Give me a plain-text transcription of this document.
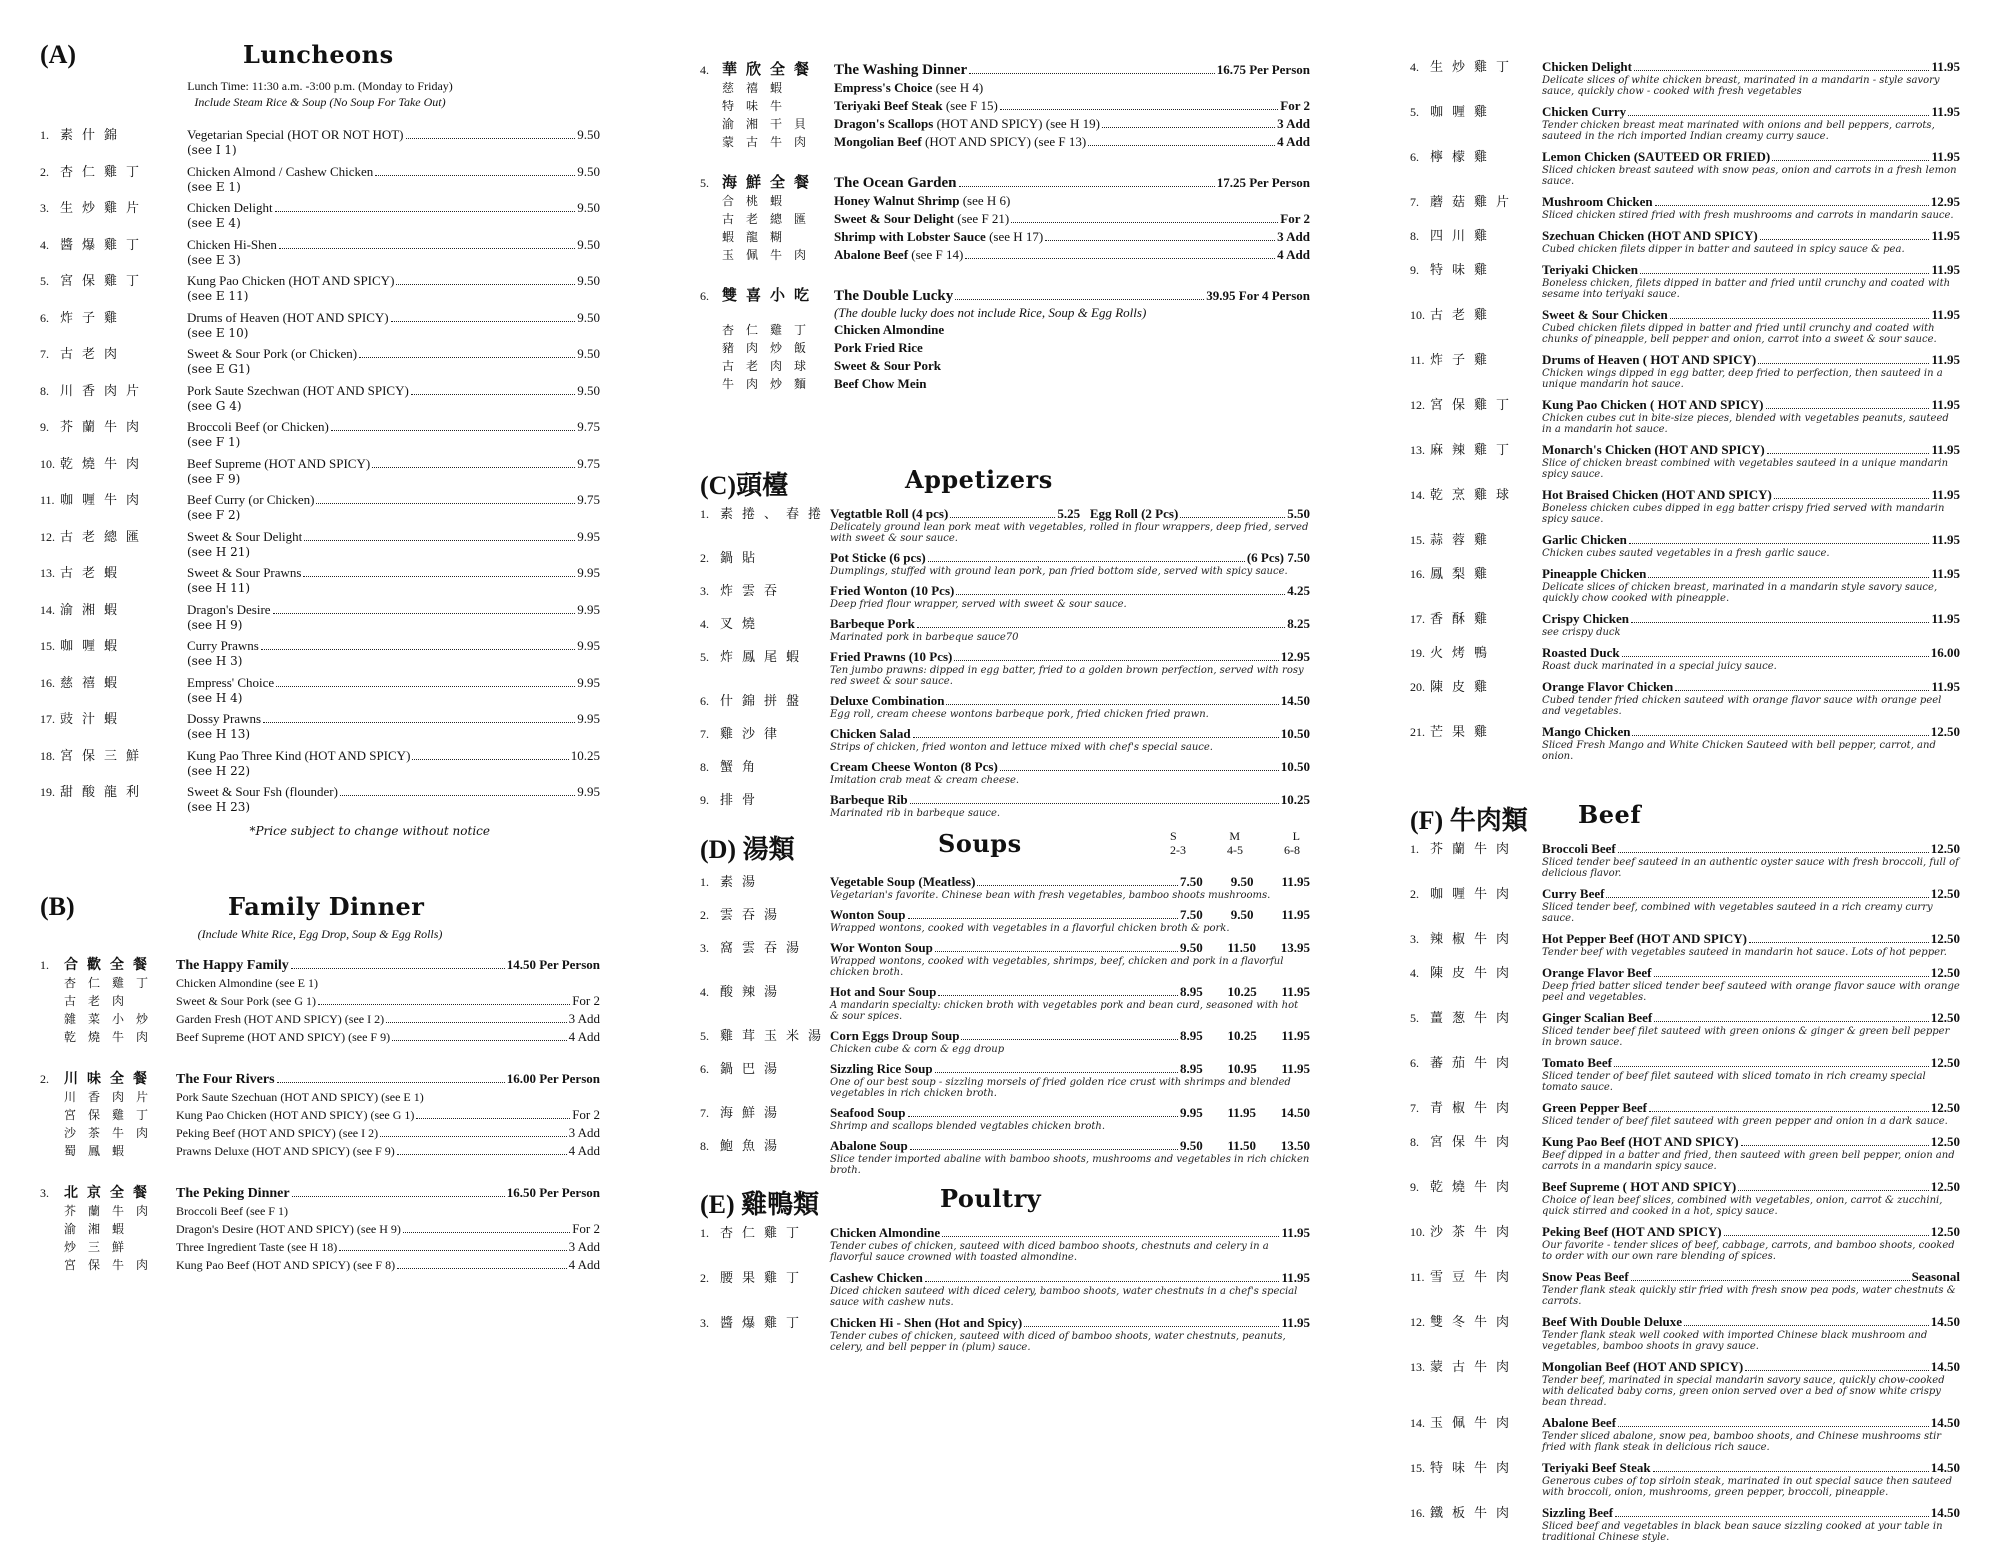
(A)	Luncheons
Lunch Time: 11:30 a.m. -3:00 p.m. (Monday to Friday)
Include Steam Rice & Soup (No Soup For Take Out)
1. 素什錦	Vegetarian Special (HOT OR NOT HOT)	9.50
(see I 1)
2. 杏仁雞丁	Chicken Almond / Cashew Chicken	9.50
(see E 1)
3. 生炒雞片	Chicken Delight	9.50
(see E 4)
4. 醬爆雞丁	Chicken Hi-Shen	9.50
(see E 3)
5. 宮保雞丁	Kung Pao Chicken (HOT AND SPICY)	9.50
(see E 11)
6. 炸子雞	Drums of Heaven (HOT AND SPICY)	9.50
(see E 10)
7. 古老肉	Sweet & Sour Pork (or Chicken)	9.50
(see E G1)
8. 川香肉片	Pork Saute Szechwan (HOT AND SPICY)	9.50
(see G 4)
9. 芥蘭牛肉	Broccoli Beef (or Chicken)	9.75
(see F 1)
10. 乾燒牛肉	Beef Supreme (HOT AND SPICY)	9.75
(see F 9)
11. 咖喱牛肉	Beef Curry (or Chicken)	9.75
(see F 2)
12. 古老總匯	Sweet & Sour Delight	9.95
(see H 21)
13. 古老蝦	Sweet & Sour Prawns	9.95
(see H 11)
14. 渝湘蝦	Dragon's Desire	9.95
(see H 9)
15. 咖喱蝦	Curry Prawns	9.95
(see H 3)
16. 慈禧蝦	Empress' Choice	9.95
(see H 4)
17. 豉汁蝦	Dossy Prawns	9.95
(see H 13)
18. 宮保三鮮	Kung Pao Three Kind (HOT AND SPICY)	10.25
(see H 22)
19. 甜酸龍利	Sweet & Sour Fsh (flounder)	9.95
(see H 23)
*Price subject to change without notice
(B)	Family Dinner
(Include White Rice, Egg Drop, Soup & Egg Rolls)
1.	合歡全餐	The Happy Family	14.50 Per Person
杏仁雞丁	Chicken Almondine (see E 1)
古老肉	Sweet & Sour Pork (see G 1)	For 2
雜菜小炒	Garden Fresh (HOT AND SPICY) (see I 2)	3 Add
乾燒牛肉	Beef Supreme (HOT AND SPICY) (see F 9)	4 Add
2.	川味全餐	The Four Rivers	16.00 Per Person
川香肉片	Pork Saute Szechuan (HOT AND SPICY) (see E 1)
宮保雞丁	Kung Pao Chicken (HOT AND SPICY) (see G 1)	For 2
沙茶牛肉	Peking Beef (HOT AND SPICY) (see I 2)	3 Add
蜀鳳蝦	Prawns Deluxe (HOT AND SPICY) (see F 9)	4 Add
3.	北京全餐	The Peking Dinner	16.50 Per Person
芥蘭牛肉	Broccoli Beef (see F 1)
渝湘蝦	Dragon's Desire (HOT AND SPICY) (see H 9)	For 2
炒三鮮	Three Ingredient Taste (see H 18)	3 Add
宮保牛肉	Kung Pao Beef (HOT AND SPICY) (see F 8)	4 Add
4. 華欣全餐	The Washing Dinner	16.75 Per Person
慈禧蝦	Empress's Choice (see H 4)
特味牛	Teriyaki Beef Steak (see F 15)	For 2
渝湘干貝	Dragon's Scallops (HOT AND SPICY) (see H 19)	3 Add
蒙古牛肉	Mongolian Beef (HOT AND SPICY) (see F 13)	4 Add
5. 海鮮全餐	The Ocean Garden	17.25 Per Person
合桃蝦	Honey Walnut Shrimp (see H 6)
古老總匯	Sweet & Sour Delight (see F 21)	For 2
蝦龍糊	Shrimp with Lobster Sauce (see H 17)	3 Add
玉佩牛肉	Abalone Beef (see F 14)	4 Add
6. 雙喜小吃	The Double Lucky	39.95 For 4 Person
(The double lucky does not include Rice, Soup & Egg Rolls)
杏仁雞丁	Chicken Almondine
豬肉炒飯	Pork Fried Rice
古老肉球	Sweet & Sour Pork
牛肉炒麵	Beef Chow Mein
(C)頭檯	Appetizers
1. 素捲、春捲 Vegtatble Roll (4 pcs)	5.25
Egg Roll (2 Pcs)	5.50
Delicately ground lean pork meat with vegetables, rolled in flour wrappers, deep fried, served with sweet & sour sauce.
2. 鍋貼	Pot Sticke (6 pcs)	(6 Pcs) 7.50
Dumplings, stuffed with ground lean pork, pan fried bottom side, served with spicy sauce.
3. 炸雲吞	Fried Wonton (10 Pcs)	4.25
Deep fried flour wrapper, served with sweet & sour sauce.
4. 叉燒	Barbeque Pork	8.25
Marinated pork in barbeque sauce70
5. 炸鳳尾蝦	Fried Prawns (10 Pcs)	12.95
Ten jumbo prawns: dipped in egg batter, fried to a golden brown perfection, served with rosy red sweet & sour sauce.
6. 什錦拼盤	Deluxe Combination	14.50
Egg roll, cream cheese wontons barbeque pork, fried chicken fried prawn.
7. 雞沙律	Chicken Salad	10.50
Strips of chicken, fried wonton and lettuce mixed with chef's special sauce.
8. 蟹角	Cream Cheese Wonton (8 Pcs)	10.50
Imitation crab meat & cream cheese.
9. 排骨	Barbeque Rib	10.25
Marinated rib in barbeque sauce.
(D) 湯類	Soups	S	M	L
2-3	4-5	6-8
1. 素湯	Vegetable Soup (Meatless)	7.50 9.50 11.95
Vegetarian's favorite. Chinese bean with fresh vegetables, bamboo shoots mushrooms.
2. 雲吞湯	Wonton Soup	7.50 9.50 11.95
Wrapped wontons, cooked with vegetables in a flavorful chicken broth & pork.
3. 窩雲吞湯	Wor Wonton Soup	9.50 11.50 13.95
Wrapped wontons, cooked with vegetables, shrimps, beef, chicken and pork in a flavorful chicken broth.
4. 酸辣湯	Hot and Sour Soup	8.95 10.25 11.95
A mandarin specialty: chicken broth with vegetables pork and bean curd, seasoned with hot & sour spices.
5. 雞茸玉米湯 Corn Eggs Droup Soup	8.95 10.25 11.95
Chicken cube & corn & egg droup
6. 鍋巴湯	Sizzling Rice Soup	8.95 10.95 11.95
One of our best soup - sizzling morsels of fried golden rice crust with shrimps and blended vegetables in rich chicken broth.
7. 海鮮湯	Seafood Soup	9.95 11.95 14.50
Shrimp and scallops blended vegtables chicken broth.
8. 鮑魚湯	Abalone Soup	9.50 11.50 13.50
Slice tender imported abaline with bamboo shoots, mushrooms and vegetables in rich chicken broth.
(E) 雞鴨類	Poultry
1. 杏仁雞丁	Chicken Almondine	11.95
Tender cubes of chicken, sauteed with diced bamboo shoots, chestnuts and celery in a flavorful sauce crowned with toasted almondine.
2. 腰果雞丁	Cashew Chicken	11.95
Diced chicken sauteed with diced celery, bamboo shoots, water chestnuts in a chef's special sauce with cashew nuts.
3. 醬爆雞丁	Chicken Hi - Shen (Hot and Spicy)	11.95
Tender cubes of chicken, sauteed with diced of bamboo shoots, water chestnuts, peanuts, celery, and bell pepper in (plum) sauce.
4. 生炒雞丁	Chicken Delight	11.95
Delicate slices of white chicken breast, marinated in a mandarin - style savory sauce, quickly chow - cooked with fresh vegetables
5. 咖喱雞	Chicken Curry	11.95
Tender chicken breast meat marinated with onions and bell peppers, carrots, sauteed in the rich imported Indian creamy curry sauce.
6. 檸檬雞	Lemon Chicken (SAUTEED OR FRIED)	11.95
Sliced chicken breast sauteed with snow peas, onion and carrots in a fresh lemon sauce.
7. 蘑菇雞片	Mushroom Chicken	12.95
Sliced chicken stired fried with fresh mushrooms and carrots in mandarin sauce.
8. 四川雞	Szechuan Chicken (HOT AND SPICY)	11.95
Cubed chicken filets dipper in batter and sauteed in spicy sauce & pea.
9. 特味雞	Teriyaki Chicken	11.95
Boneless chicken, filets dipped in batter and fried until crunchy and coated with sesame into teriyaki sauce.
10. 古老雞	Sweet & Sour Chicken	11.95
Cubed chicken filets dipped in batter and fried until crunchy and coated with chunks of pineapple, bell pepper and onion, carrot into a sweet & sour sauce.
11. 炸子雞	Drums of Heaven ( HOT AND SPICY)	11.95
Chicken wings dipped in egg batter, deep fried to perfection, then sauteed in a unique mandarin hot sauce.
12. 宮保雞丁	Kung Pao Chicken ( HOT AND SPICY)	11.95
Chicken cubes cut in bite-size pieces, blended with vegetables peanuts, sauteed in a mandarin hot sauce.
13. 麻辣雞丁	Monarch's Chicken (HOT AND SPICY)	11.95
Slice of chicken breast combined with vegetables sauteed in a unique mandarin spicy sauce.
14. 乾烹雞球	Hot Braised Chicken (HOT AND SPICY)	11.95
Boneless chicken cubes dipped in egg batter crispy fried served with mandarin spicy sauce.
15. 蒜蓉雞	Garlic Chicken	11.95
Chicken cubes sauted vegetables in a fresh garlic sauce.
16. 鳳梨雞	Pineapple Chicken	11.95
Delicate slices of chicken breast, marinated in a mandarin style savory sauce, quickly chow cooked with pineapple.
17. 香酥雞	Crispy Chicken	11.95
see crispy duck
19. 火烤鴨	Roasted Duck	16.00
Roast duck marinated in a special juicy sauce.
20. 陳皮雞	Orange Flavor Chicken	11.95
Cubed tender fried chicken sauteed with orange flavor sauce with orange peel and vegetables.
21. 芒果雞	Mango Chicken	12.50
Sliced Fresh Mango and White Chicken Sauteed with bell pepper, carrot, and onion.
(F) 牛肉類 Beef
1. 芥蘭牛肉	Broccoli Beef	12.50
Sliced tender beef sauteed in an authentic oyster sauce with fresh broccoli, full of delicious flavor.
2. 咖喱牛肉	Curry Beef	12.50
Sliced tender beef, combined with vegetables sauteed in a rich creamy curry sauce.
3. 辣椒牛肉	Hot Pepper Beef (HOT AND SPICY)	12.50
Tender beef with vegetables sauteed in mandarin hot sauce. Lots of hot pepper.
4. 陳皮牛肉	Orange Flavor Beef	12.50
Deep fried batter sliced tender beef sauteed with orange flavor sauce with orange peel and vegetables.
5. 薑葱牛肉	Ginger Scalian Beef	12.50
Sliced tender beef filet sauteed with green onions & ginger & green bell pepper in brown sauce.
6. 蕃茄牛肉	Tomato Beef	12.50
Sliced tender of beef filet sauteed with sliced tomato in rich creamy special tomato sauce.
7. 青椒牛肉	Green Pepper Beef	12.50
Sliced tender of beef filet sauteed with green pepper and onion in a dark sauce.
8. 宮保牛肉	Kung Pao Beef (HOT AND SPICY)	12.50
Beef dipped in a batter and fried, then sauteed with green bell pepper, onion and carrots in a mandarin spicy sauce.
9. 乾燒牛肉	Beef Supreme ( HOT AND SPICY)	12.50
Choice of lean beef slices, combined with vegetables, onion, carrot & zucchini, quick stirred and cooked in a hot, spicy sauce.
10. 沙茶牛肉	Peking Beef (HOT AND SPICY)	12.50
Our favorite - tender slices of beef, cabbage, carrots, and bamboo shoots, cooked to order with our own rare blending of spices.
11. 雪豆牛肉	Snow Peas Beef	Seasonal
Tender flank steak quickly stir fried with fresh snow pea pods, water chestnuts & carrots.
12. 雙冬牛肉	Beef With Double Deluxe	14.50
Tender flank steak well cooked with imported Chinese black mushroom and vegetables, bamboo shoots in gravy sauce.
13. 蒙古牛肉	Mongolian Beef (HOT AND SPICY)	14.50
Tender beef, marinated in special mandarin savory sauce, quickly chow-cooked with delicated baby corns, green onion served over a bed of snow white crispy bean thread.
14. 玉佩牛肉	Abalone Beef	14.50
Tender sliced abalone, snow pea, bamboo shoots, and Chinese mushrooms stir fried with flank steak in delicious rich sauce.
15. 特味牛肉	Teriyaki Beef Steak	14.50
Generous cubes of top sirloin steak, marinated in out special sauce then sauteed with broccoli, onion, mushrooms, green pepper, broccoli, pineapple.
16. 鐵板牛肉	Sizzling Beef	14.50
Sliced beef and vegetables in black bean sauce sizzling cooked at your table in traditional Chinese style.
